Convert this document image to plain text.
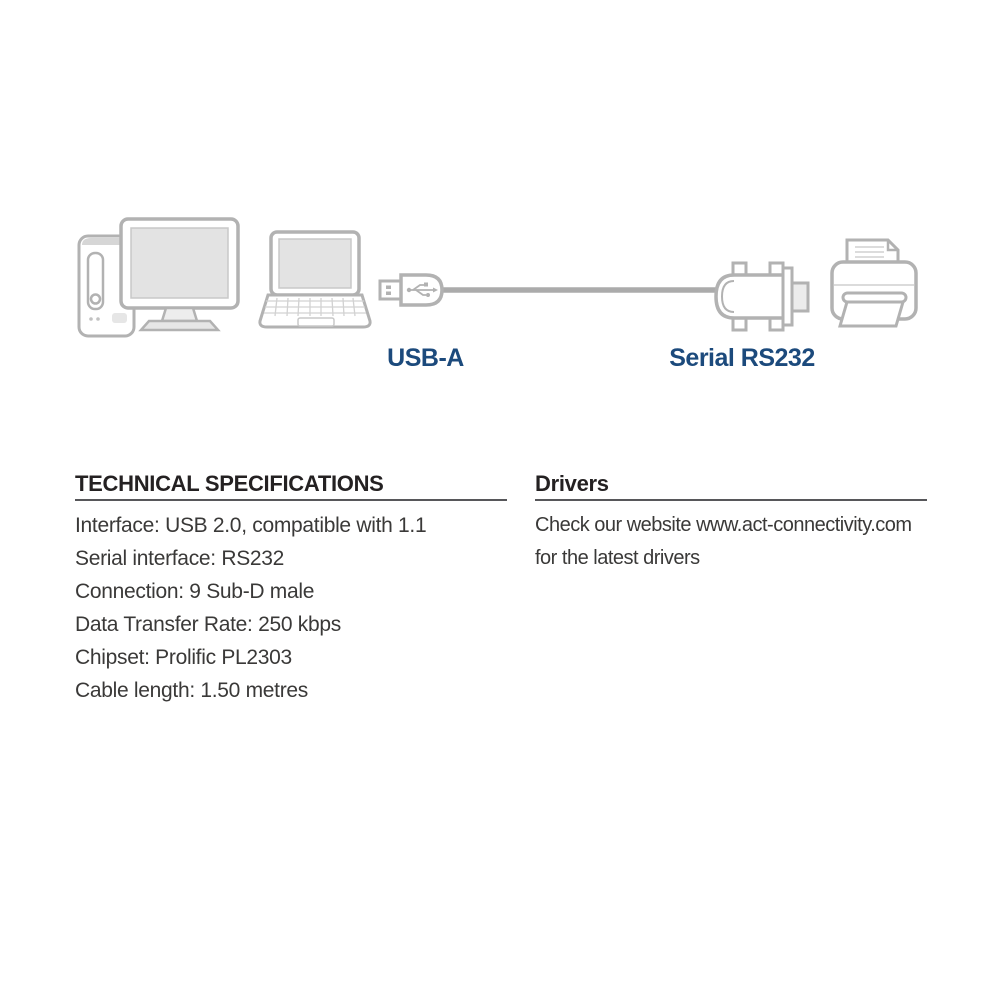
USB-A	Serial RS232
TECHNICAL SPECIFICATIONS
Interface: USB 2.0, compatible with 1.1
Serial interface: RS232
Connection: 9 Sub-D male
Data Transfer Rate: 250 kbps
Chipset: Prolific PL2303
Cable length: 1.50 metres
Drivers
Check our website www.act-connectivity.com
for the latest drivers
